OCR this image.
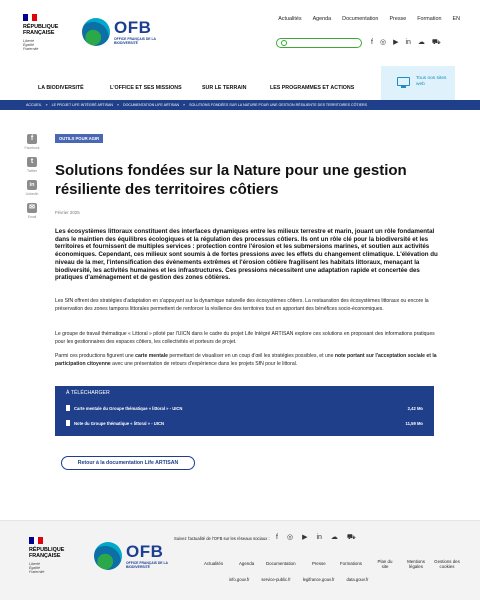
RÉPUBLIQUE
FRANÇAISE
Liberté
Égalité
Fraternité
OFB
OFFICE FRANÇAIS DE LA BIODIVERSITÉ
Actualités Agenda Documentation Presse Formation EN
f ◎ ▶ in ☁ ⛟
LA BIODIVERSITÉ	L'OFFICE ET SES MISSIONS	SUR LE TERRAIN	LES PROGRAMMES ET ACTIONS
Tous nos sites web
ACCUEIL » LE PROJET LIFE INTÉGRÉ ARTISAN » DOCUMENTATION LIFE ARTISAN » SOLUTIONS FONDÉES SUR LA NATURE POUR UNE GESTION RÉSILIENTE DES TERRITOIRES CÔTIERS
f
Facebook
t
Twitter
in
LinkedIn
✉
Email
OUTILS POUR AGIR
Solutions fondées sur la Nature pour une gestion résiliente des territoires côtiers
Février 2025

Les écosystèmes littoraux constituent des interfaces dynamiques entre les milieux terrestre et marin, jouant un rôle fondamental dans le maintien des équilibres écologiques et la régulation des processus côtiers. Ils ont un rôle clé pour la biodiversité et les territoires et fournissent de multiples services : protection contre l'érosion et les submersions marines, et soutien aux activités économiques. Cependant, ces milieux sont soumis à de fortes pressions avec les effets du changement climatique. L'élévation du niveau de la mer, l'intensification des évènements extrêmes et l'érosion côtière fragilisent les habitats littoraux, menaçant la biodiversité, les activités humaines et les infrastructures. Ces pressions nécessitent une adaptation rapide et concertée des pratiques d'aménagement et de gestion des zones côtières.

Les SfN offrent des stratégies d'adaptation en s'appuyant sur la dynamique naturelle des écosystèmes côtiers. La restauration des écosystèmes littoraux ou encore la préservation des zones tampons littorales permettent de renforcer la résilience des territoires tout en apportant des bénéfices socio-économiques.

Le groupe de travail thématique « Littoral » piloté par l'UICN dans le cadre du projet Life Intégré ARTISAN explore ces solutions en proposant des informations pratiques pour les gestionnaires des espaces côtiers, les collectivités et porteurs de projet.

Parmi ces productions figurent une carte mentale permettant de visualiser en un coup d'œil les stratégies possibles, et une note portant sur l'acceptation sociale et la participation citoyenne avec une présentation de retours d'expérience dans les projets SfN pour le littoral.

À TÉLÉCHARGER
Carte mentale du Groupe thématique « littoral » - UICN	2,42 Mo
Note du Groupe thématique « littoral » - UICN	11,59 Mo
Retour à la documentation Life ARTISAN
RÉPUBLIQUE
FRANÇAISE
Liberté
Égalité
Fraternité
OFB
OFFICE FRANÇAIS DE LA BIODIVERSITÉ
Suivez l'actualité de l'OFB sur les réseaux sociaux : f ◎ ▶ in ☁ ⛟
Actualités	Agenda	Documentation	Presse	Formations	Plan du site
Mentions légales
Gestions des cookies
info.gouv.fr	service-public.fr	legifrance.gouv.fr	data.gouv.fr
